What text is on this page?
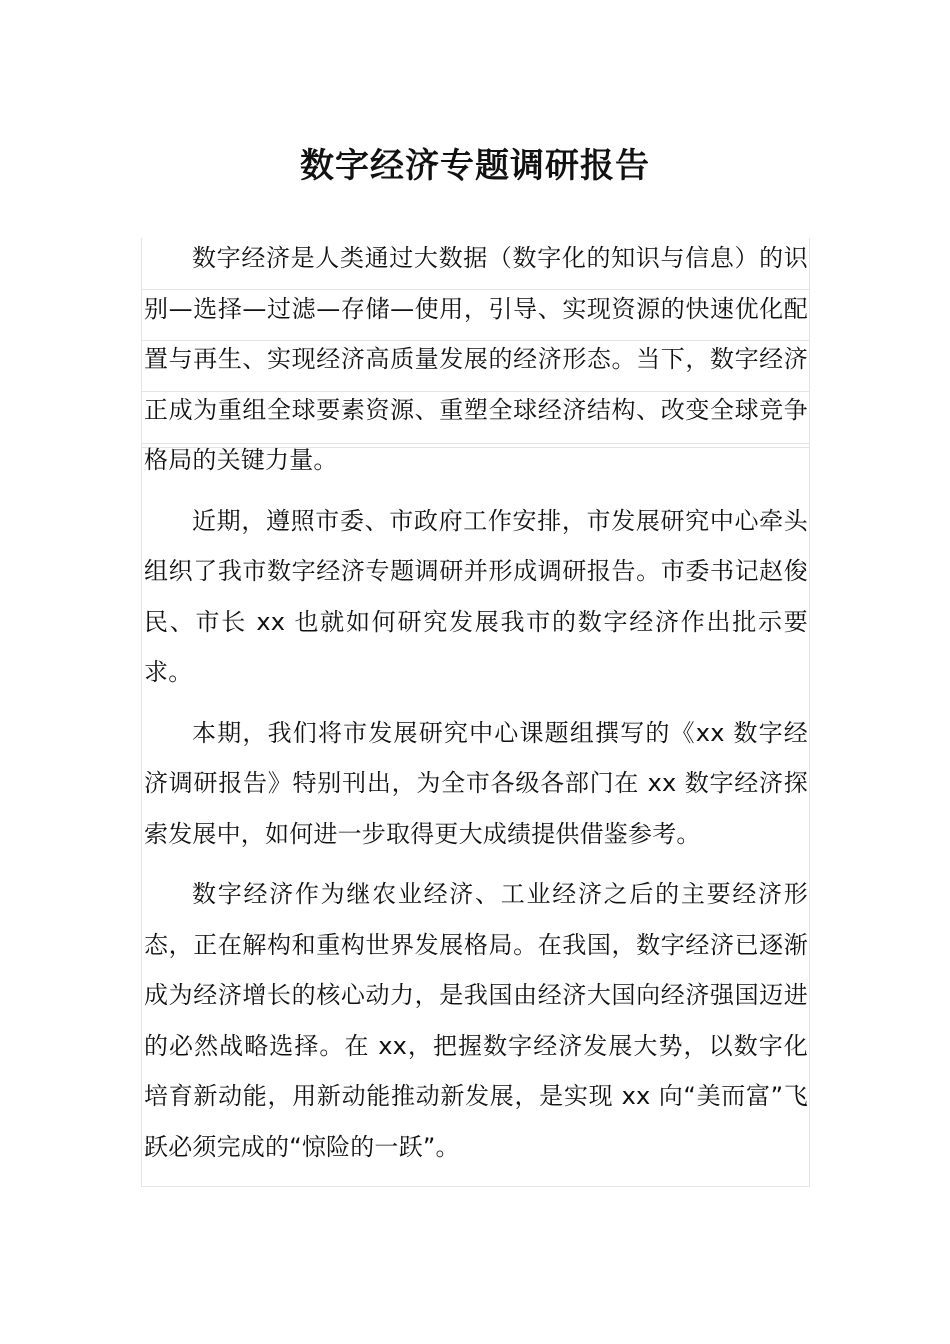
数字经济专题调研报告

数字经济是人类通过大数据（数字化的知识与信息）的识别—选择—过滤—存储—使用，引导、实现资源的快速优化配置与再生、实现经济高质量发展的经济形态。当下，数字经济正成为重组全球要素资源、重塑全球经济结构、改变全球竞争格局的关键力量。

近期，遵照市委、市政府工作安排，市发展研究中心牵头组织了我市数字经济专题调研并形成调研报告。市委书记赵俊民、市长 xx 也就如何研究发展我市的数字经济作出批示要求。

本期，我们将市发展研究中心课题组撰写的《xx 数字经济调研报告》特别刊出，为全市各级各部门在 xx 数字经济探索发展中，如何进一步取得更大成绩提供借鉴参考。

数字经济作为继农业经济、工业经济之后的主要经济形态，正在解构和重构世界发展格局。在我国，数字经济已逐渐成为经济增长的核心动力，是我国由经济大国向经济强国迈进的必然战略选择。在 xx，把握数字经济发展大势，以数字化培育新动能，用新动能推动新发展，是实现 xx 向“美而富”飞跃必须完成的“惊险的一跃”。
